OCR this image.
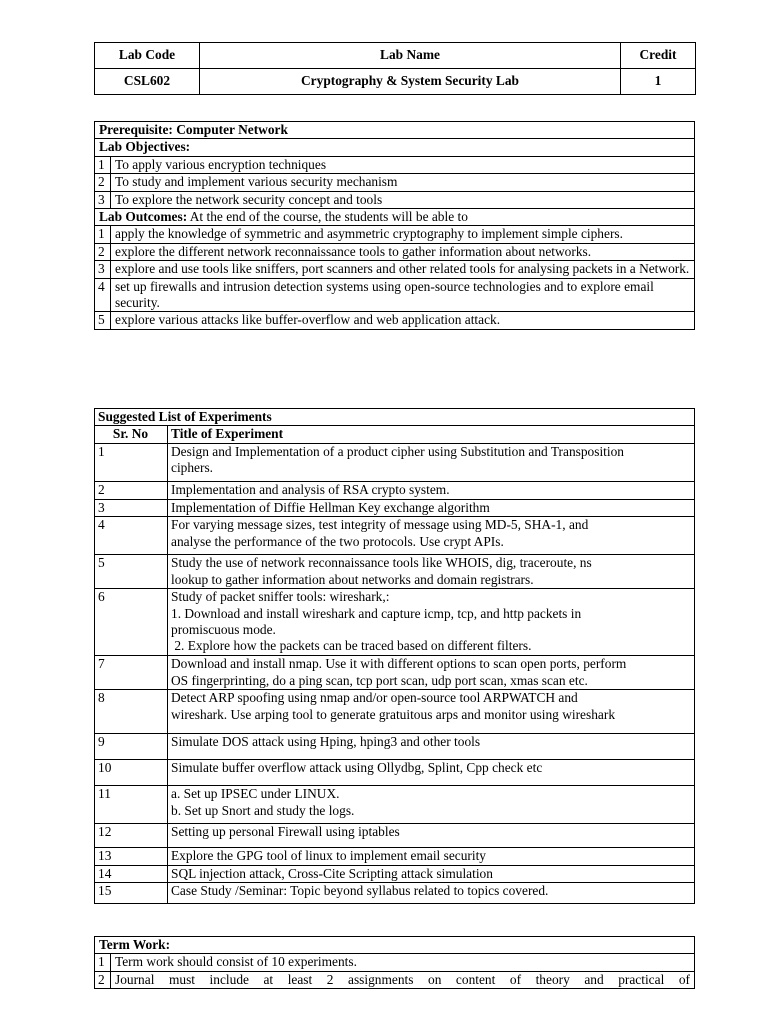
Lab Code	Lab Name	Credit
CSL602	Cryptography & System Security Lab	1
Prerequisite: Computer Network	
Lab Objectives:	
1	To apply various encryption techniques
2	To study and implement various security mechanism
3	To explore the network security concept and tools
Lab Outcomes: At the end of the course, the students will be able to	
1	apply the knowledge of symmetric and asymmetric cryptography to implement simple ciphers.
2	explore the different network reconnaissance tools to gather information about networks.
3	explore and use tools like sniffers, port scanners and other related tools for analysing packets in a Network.
4	set up firewalls and intrusion detection systems using open-source technologies and to explore email security.
5	explore various attacks like buffer-overflow and web application attack.
Suggested List of Experiments	
Sr. No	Title of Experiment
1	Design and Implementation of a product cipher using Substitution and Transposition
ciphers.

2	Implementation and analysis of RSA crypto system.

3	Implementation of Diffie Hellman Key exchange algorithm

4	For varying message sizes, test integrity of message using MD-5, SHA-1, and
analyse the performance of the two protocols. Use crypt APIs.

5	Study the use of network reconnaissance tools like WHOIS, dig, traceroute, ns
lookup to gather information about networks and domain registrars.

6	Study of packet sniffer tools: wireshark,:
1. Download and install wireshark and capture icmp, tcp, and http packets in
promiscuous mode.
2. Explore how the packets can be traced based on different filters.

7	Download and install nmap. Use it with different options to scan open ports, perform
OS fingerprinting, do a ping scan, tcp port scan, udp port scan, xmas scan etc.

8	Detect ARP spoofing using nmap and/or open-source tool ARPWATCH and
wireshark. Use arping tool to generate gratuitous arps and monitor using wireshark

9	Simulate DOS attack using Hping, hping3 and other tools

10	Simulate buffer overflow attack using Ollydbg, Splint, Cpp check etc

11	a. Set up IPSEC under LINUX.
b. Set up Snort and study the logs.

12	Setting up personal Firewall using iptables

13	Explore the GPG tool of linux to implement email security

14	SQL injection attack, Cross-Cite Scripting attack simulation

15	Case Study /Seminar: Topic beyond syllabus related to topics covered.
Term Work:	
1	Term work should consist of 10 experiments.
2	Journal must include at least 2 assignments on content of theory and practical of
